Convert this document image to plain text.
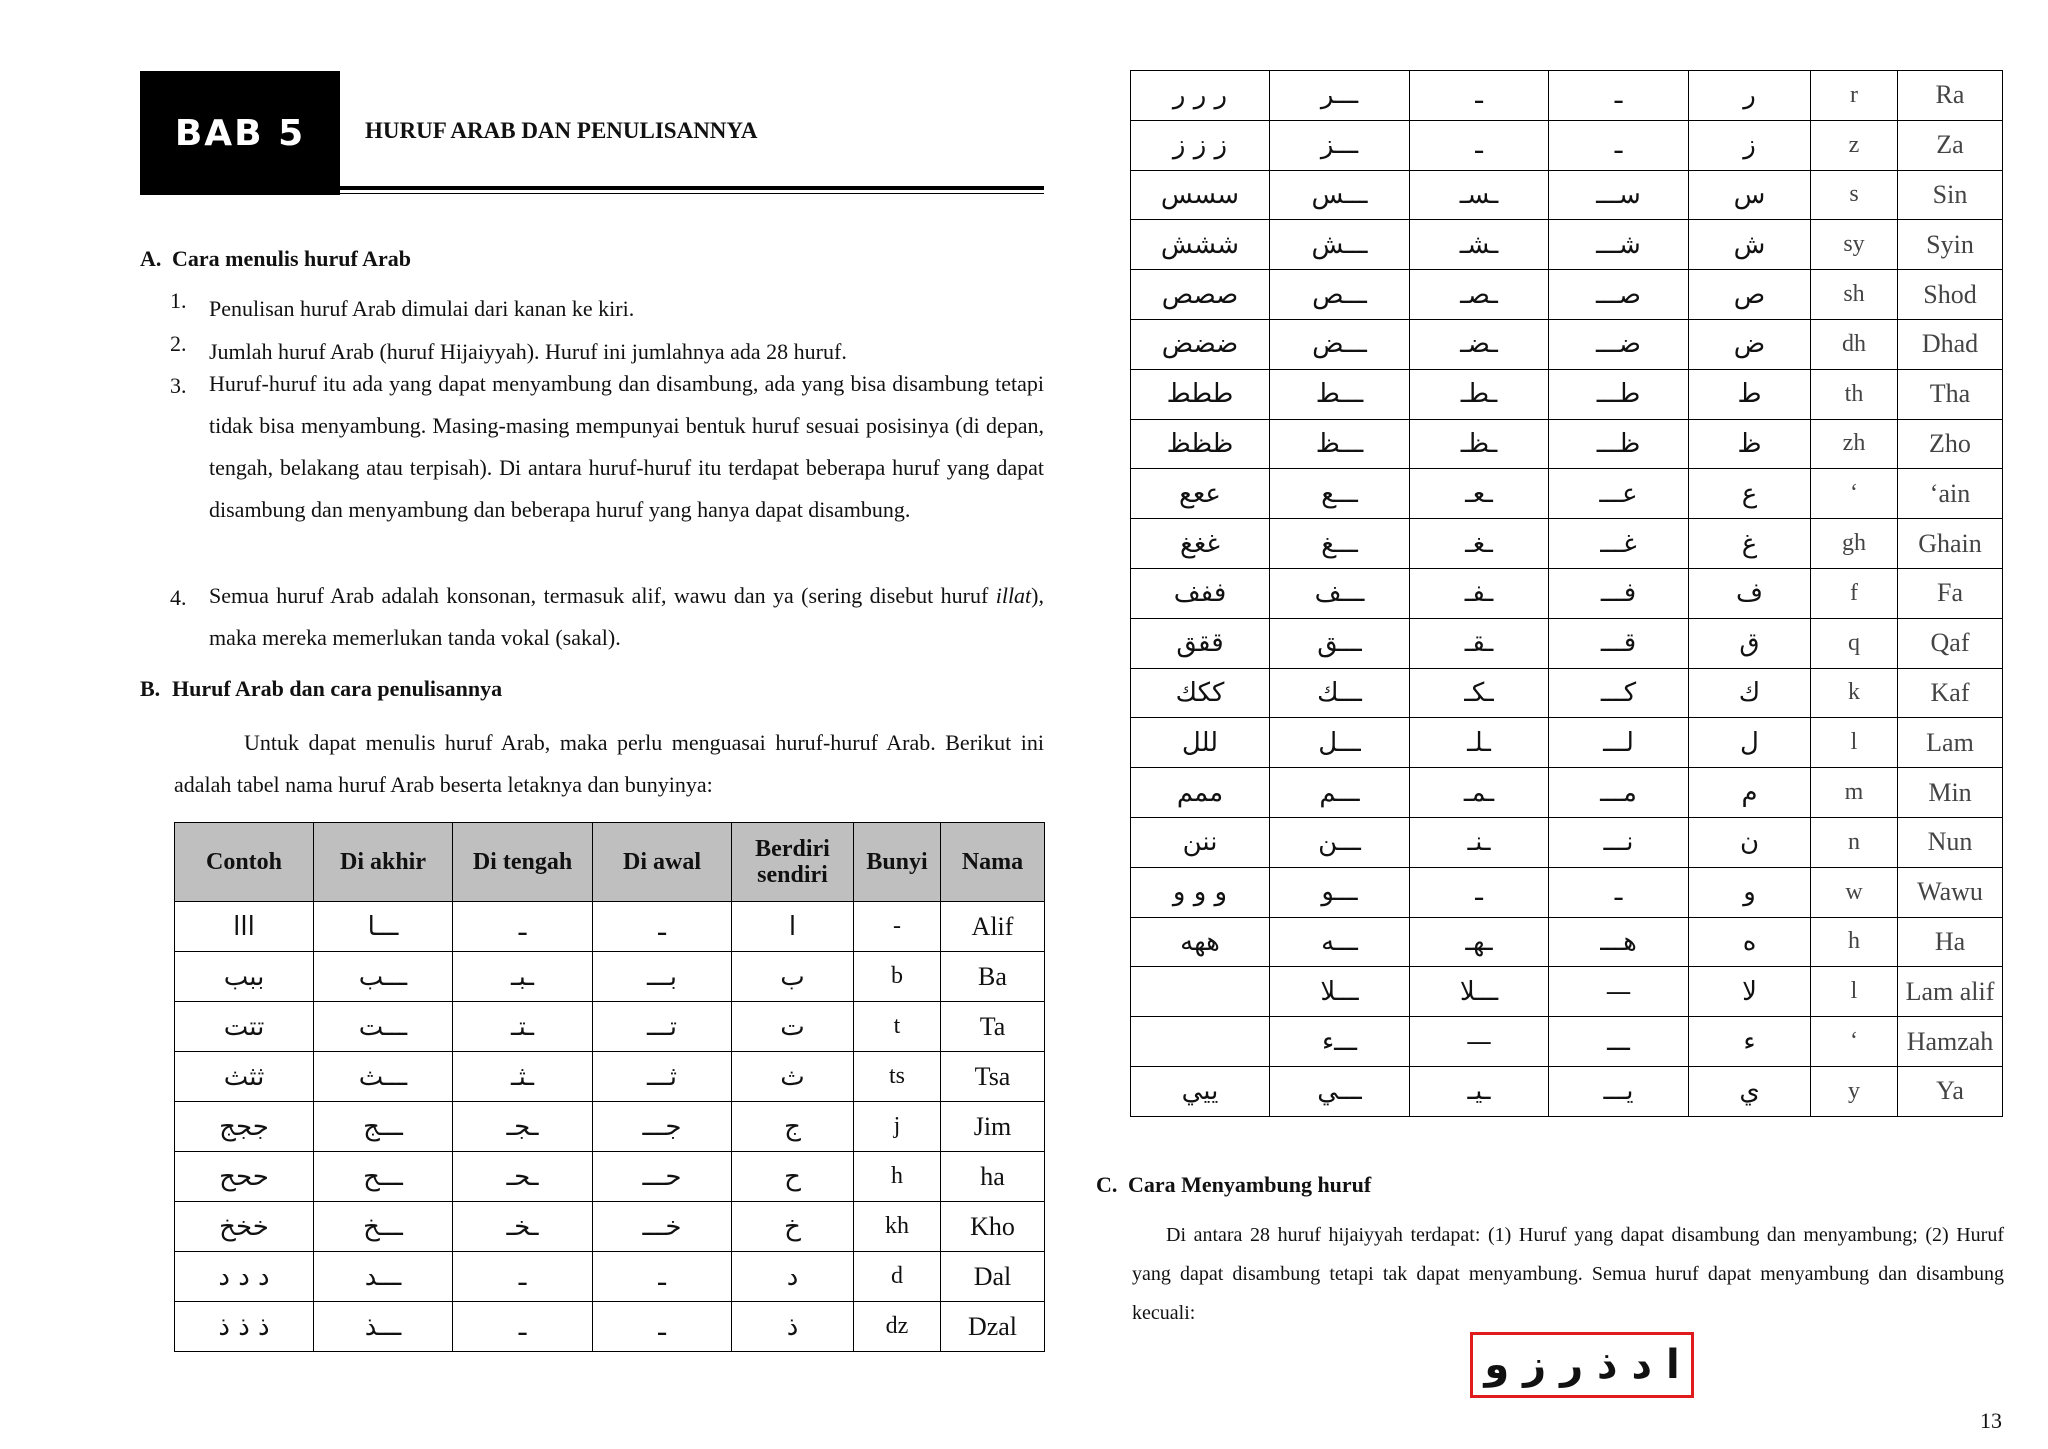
BAB 5	HURUF ARAB DAN PENULISANNYA
A. Cara menulis huruf Arab
1. Penulisan huruf Arab dimulai dari kanan ke kiri.
2. Jumlah huruf Arab (huruf Hijaiyyah). Huruf ini jumlahnya ada 28 huruf.
3. Huruf-huruf itu ada yang dapat menyambung dan disambung, ada yang bisa disambung tetapi tidak bisa menyambung. Masing-masing mempunyai bentuk huruf sesuai posisinya (di depan, tengah, belakang atau terpisah). Di antara huruf-huruf itu terdapat beberapa huruf yang dapat disambung dan menyambung dan beberapa huruf yang hanya dapat disambung.
4. Semua huruf Arab adalah konsonan, termasuk alif, wawu dan ya (sering disebut huruf illat), maka mereka memerlukan tanda vokal (sakal).
B. Huruf Arab dan cara penulisannya
Untuk dapat menulis huruf Arab, maka perlu menguasai huruf-huruf Arab. Berikut ini adalah tabel nama huruf Arab beserta letaknya dan bunyinya:
Contoh	Di akhir	Di tengah	Di awal	Berdiri sendiri	Bunyi	Nama
ااا	ـــا	ـ	ـ	ا	-	Alif
ببب	ـــب	ـبـ	بـــ	ب	b	Ba
تتت	ـــت	ـتـ	تـــ	ت	t	Ta
ثثث	ـــث	ـثـ	ثـــ	ث	ts	Tsa
ججج	ـــج	ـجـ	جـــ	ج	j	Jim
ححح	ـــح	ـحـ	حـــ	ح	h	ha
خخخ	ـــخ	ـخـ	خـــ	خ	kh	Kho
د د د	ـــد	ـ	ـ	د	d	Dal
ذ ذ ذ	ـــذ	ـ	ـ	ذ	dz	Dzal
ر ر ر	ـــر	ـ	ـ	ر	r	Ra
ز ز ز	ـــز	ـ	ـ	ز	z	Za
سسس	ـــس	ـسـ	ســـ	س	s	Sin
ششش	ـــش	ـشـ	شـــ	ش	sy	Syin
صصص	ـــص	ـصـ	صـــ	ص	sh	Shod
ضضض	ـــض	ـضـ	ضـــ	ض	dh	Dhad
ططط	ـــط	ـطـ	طـــ	ط	th	Tha
ظظظ	ـــظ	ـظـ	ظـــ	ظ	zh	Zho
ععع	ـــع	ـعـ	عـــ	ع	‘	‘ain
غغغ	ـــغ	ـغـ	غـــ	غ	gh	Ghain
ففف	ـــف	ـفـ	فـــ	ف	f	Fa
ققق	ـــق	ـقـ	قـــ	ق	q	Qaf
ككك	ـــك	ـكـ	كـــ	ك	k	Kaf
للل	ـــل	ـلـ	لـــ	ل	l	Lam
ممم	ـــم	ـمـ	مـــ	م	m	Min
ننن	ـــن	ـنـ	نـــ	ن	n	Nun
و و و	ـــو	ـ	ـ	و	w	Wawu
ههه	ـــه	ـهـ	هـــ	ه	h	Ha
	ـــلا	ـــلا	—	لا	l	Lam alif
	ـــء	—	ـــ	ء	‘	Hamzah
ييي	ـــي	ـيـ	يـــ	ي	y	Ya
C. Cara Menyambung huruf
Di antara 28 huruf hijaiyyah terdapat: (1) Huruf yang dapat disambung dan menyambung; (2) Huruf yang dapat disambung tetapi tak dapat menyambung. Semua huruf dapat menyambung dan disambung kecuali:
ا د ذ ر ز و
13
